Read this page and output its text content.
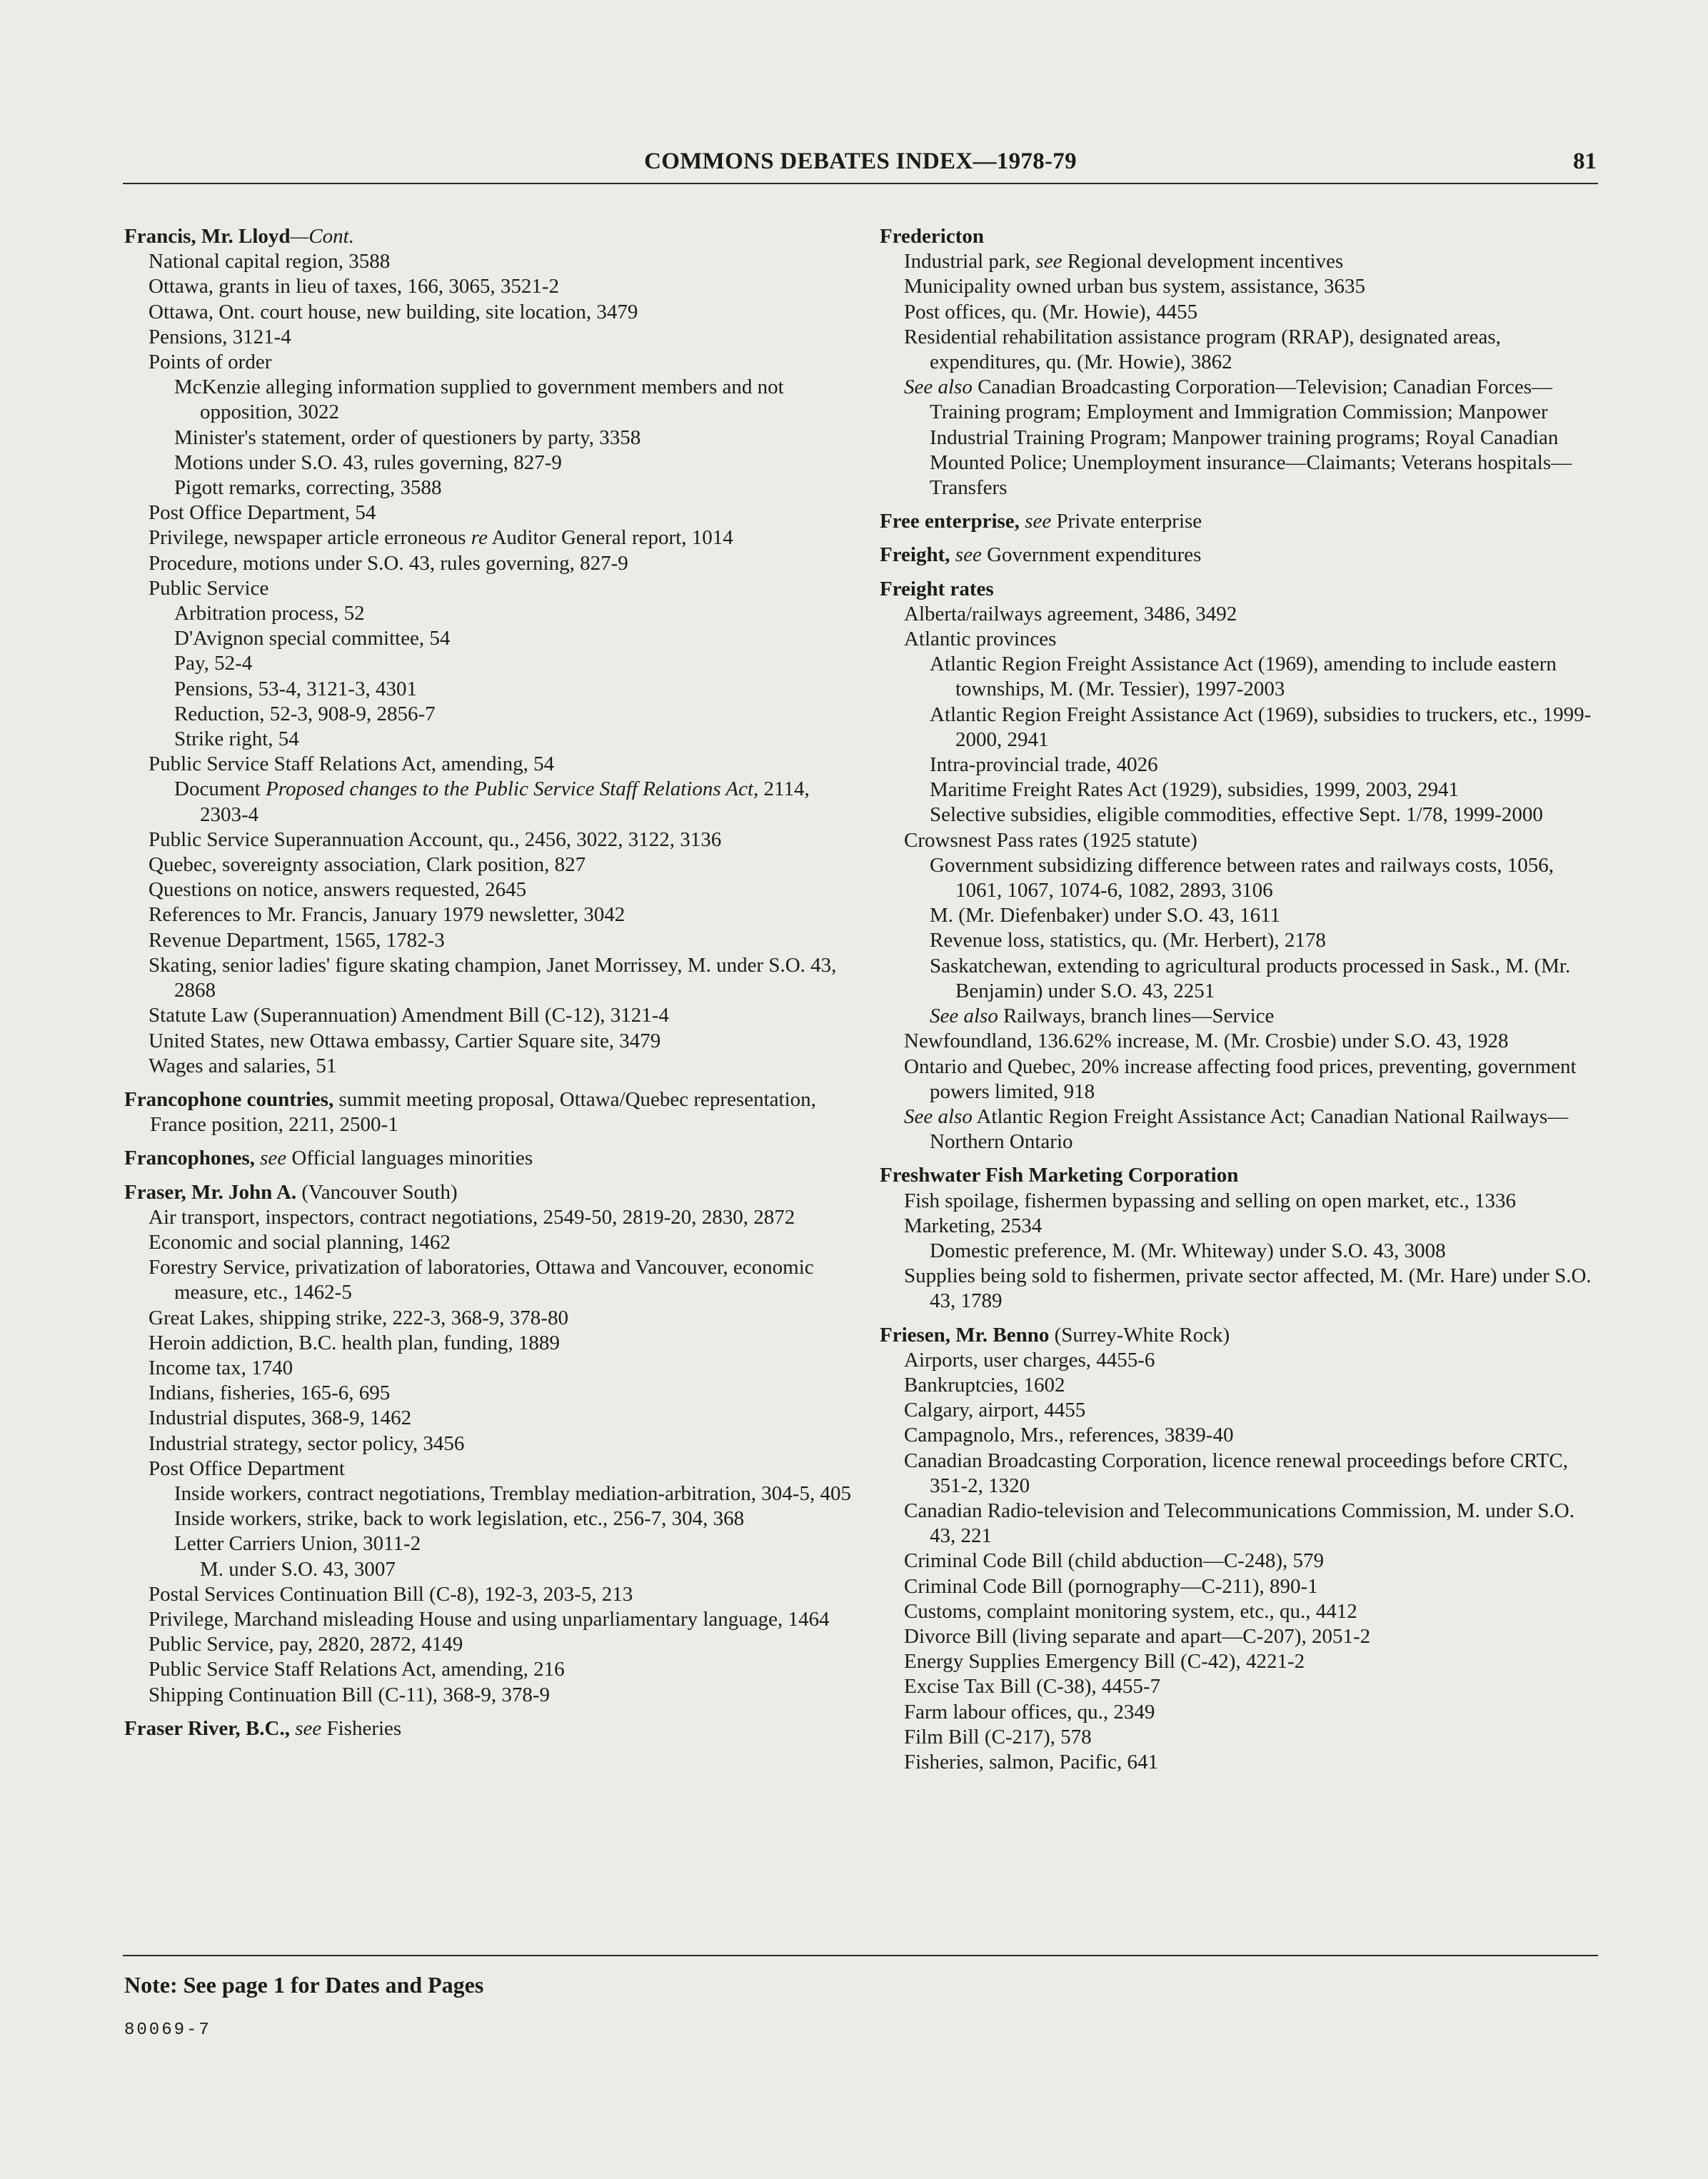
COMMONS DEBATES INDEX—1978-79	81
Francis, Mr. Lloyd—Cont.
National capital region, 3588
Ottawa, grants in lieu of taxes, 166, 3065, 3521-2
Ottawa, Ont. court house, new building, site location, 3479
Pensions, 3121-4
Points of order
McKenzie alleging information supplied to government members and not opposition, 3022
Minister's statement, order of questioners by party, 3358
Motions under S.O. 43, rules governing, 827-9
Pigott remarks, correcting, 3588
Post Office Department, 54
Privilege, newspaper article erroneous re Auditor General report, 1014
Procedure, motions under S.O. 43, rules governing, 827-9
Public Service
Arbitration process, 52
D'Avignon special committee, 54
Pay, 52-4
Pensions, 53-4, 3121-3, 4301
Reduction, 52-3, 908-9, 2856-7
Strike right, 54
Public Service Staff Relations Act, amending, 54
Document Proposed changes to the Public Service Staff Relations Act, 2114, 2303-4
Public Service Superannuation Account, qu., 2456, 3022, 3122, 3136
Quebec, sovereignty association, Clark position, 827
Questions on notice, answers requested, 2645
References to Mr. Francis, January 1979 newsletter, 3042
Revenue Department, 1565, 1782-3
Skating, senior ladies' figure skating champion, Janet Morrissey, M. under S.O. 43, 2868
Statute Law (Superannuation) Amendment Bill (C-12), 3121-4
United States, new Ottawa embassy, Cartier Square site, 3479
Wages and salaries, 51
Francophone countries, summit meeting proposal, Ottawa/Quebec representation, France position, 2211, 2500-1
Francophones, see Official languages minorities
Fraser, Mr. John A. (Vancouver South)
Air transport, inspectors, contract negotiations, 2549-50, 2819-20, 2830, 2872
Economic and social planning, 1462
Forestry Service, privatization of laboratories, Ottawa and Vancouver, economic measure, etc., 1462-5
Great Lakes, shipping strike, 222-3, 368-9, 378-80
Heroin addiction, B.C. health plan, funding, 1889
Income tax, 1740
Indians, fisheries, 165-6, 695
Industrial disputes, 368-9, 1462
Industrial strategy, sector policy, 3456
Post Office Department
Inside workers, contract negotiations, Tremblay mediation-arbitration, 304-5, 405
Inside workers, strike, back to work legislation, etc., 256-7, 304, 368
Letter Carriers Union, 3011-2
M. under S.O. 43, 3007
Postal Services Continuation Bill (C-8), 192-3, 203-5, 213
Privilege, Marchand misleading House and using unparliamentary language, 1464
Public Service, pay, 2820, 2872, 4149
Public Service Staff Relations Act, amending, 216
Shipping Continuation Bill (C-11), 368-9, 378-9
Fraser River, B.C., see Fisheries
Fredericton
Industrial park, see Regional development incentives
Municipality owned urban bus system, assistance, 3635
Post offices, qu. (Mr. Howie), 4455
Residential rehabilitation assistance program (RRAP), designated areas, expenditures, qu. (Mr. Howie), 3862
See also Canadian Broadcasting Corporation—Television; Canadian Forces—Training program; Employment and Immigration Commission; Manpower Industrial Training Program; Manpower training programs; Royal Canadian Mounted Police; Unemployment insurance—Claimants; Veterans hospitals—Transfers
Free enterprise, see Private enterprise
Freight, see Government expenditures
Freight rates
Alberta/railways agreement, 3486, 3492
Atlantic provinces
Atlantic Region Freight Assistance Act (1969), amending to include eastern townships, M. (Mr. Tessier), 1997-2003
Atlantic Region Freight Assistance Act (1969), subsidies to truckers, etc., 1999-2000, 2941
Intra-provincial trade, 4026
Maritime Freight Rates Act (1929), subsidies, 1999, 2003, 2941
Selective subsidies, eligible commodities, effective Sept. 1/78, 1999-2000
Crowsnest Pass rates (1925 statute)
Government subsidizing difference between rates and railways costs, 1056, 1061, 1067, 1074-6, 1082, 2893, 3106
M. (Mr. Diefenbaker) under S.O. 43, 1611
Revenue loss, statistics, qu. (Mr. Herbert), 2178
Saskatchewan, extending to agricultural products processed in Sask., M. (Mr. Benjamin) under S.O. 43, 2251
See also Railways, branch lines—Service
Newfoundland, 136.62% increase, M. (Mr. Crosbie) under S.O. 43, 1928
Ontario and Quebec, 20% increase affecting food prices, preventing, government powers limited, 918
See also Atlantic Region Freight Assistance Act; Canadian National Railways—Northern Ontario
Freshwater Fish Marketing Corporation
Fish spoilage, fishermen bypassing and selling on open market, etc., 1336
Marketing, 2534
Domestic preference, M. (Mr. Whiteway) under S.O. 43, 3008
Supplies being sold to fishermen, private sector affected, M. (Mr. Hare) under S.O. 43, 1789
Friesen, Mr. Benno (Surrey-White Rock)
Airports, user charges, 4455-6
Bankruptcies, 1602
Calgary, airport, 4455
Campagnolo, Mrs., references, 3839-40
Canadian Broadcasting Corporation, licence renewal proceedings before CRTC, 351-2, 1320
Canadian Radio-television and Telecommunications Commission, M. under S.O. 43, 221
Criminal Code Bill (child abduction—C-248), 579
Criminal Code Bill (pornography—C-211), 890-1
Customs, complaint monitoring system, etc., qu., 4412
Divorce Bill (living separate and apart—C-207), 2051-2
Energy Supplies Emergency Bill (C-42), 4221-2
Excise Tax Bill (C-38), 4455-7
Farm labour offices, qu., 2349
Film Bill (C-217), 578
Fisheries, salmon, Pacific, 641
Note: See page 1 for Dates and Pages
80069-7
